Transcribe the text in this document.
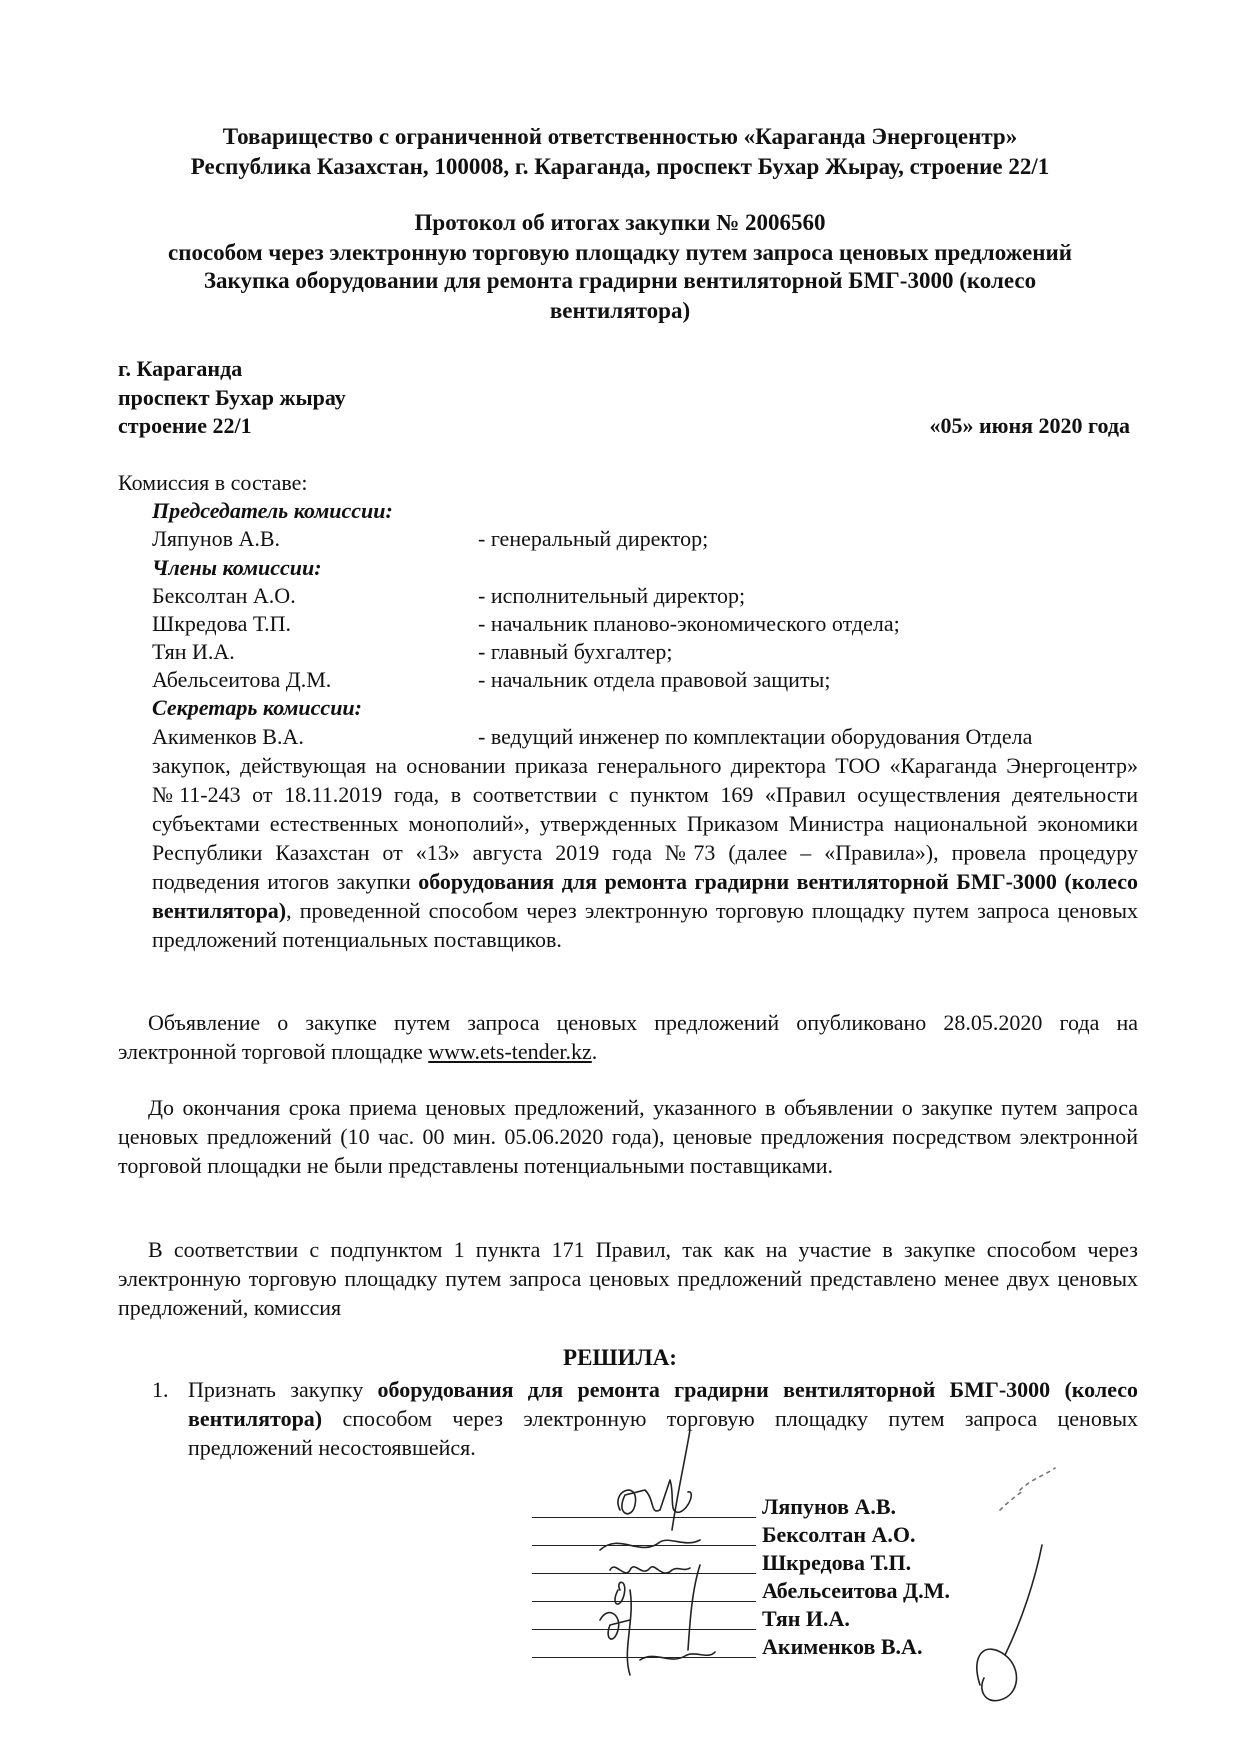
Товарищество с ограниченной ответственностью «Караганда Энергоцентр»
Республика Казахстан, 100008, г. Караганда, проспект Бухар Жырау, строение 22/1
Протокол об итогах закупки № 2006560
способом через электронную торговую площадку путем запроса ценовых предложений
Закупка оборудовании для ремонта градирни вентиляторной БМГ-3000 (колесо
вентилятора)
г. Караганда
проспект Бухар жырау
строение 22/1	«05» июня 2020 года
Комиссия в составе:
Председатель комиссии:
Ляпунов А.В.	- генеральный директор;
Члены комиссии:
Бексолтан А.О.	- исполнительный директор;
Шкредова Т.П.	- начальник планово-экономического отдела;
Тян И.А.	- главный бухгалтер;
Абельсеитова Д.М.	- начальник отдела правовой защиты;
Секретарь комиссии:
Акименков В.А.	- ведущий инженер по комплектации оборудования Отдела
закупок, действующая на основании приказа генерального директора ТОО «Караганда Энергоцентр» №11-243 от 18.11.2019 года, в соответствии с пунктом 169 «Правил осуществления деятельности субъектами естественных монополий», утвержденных Приказом Министра национальной экономики Республики Казахстан от «13» августа 2019 года №73 (далее – «Правила»), провела процедуру подведения итогов закупки оборудования для ремонта градирни вентиляторной БМГ-3000 (колесо вентилятора), проведенной способом через электронную торговую площадку путем запроса ценовых предложений потенциальных поставщиков.
Объявление о закупке путем запроса ценовых предложений опубликовано 28.05.2020 года на электронной торговой площадке www.ets-tender.kz.
До окончания срока приема ценовых предложений, указанного в объявлении о закупке путем запроса ценовых предложений (10 час. 00 мин. 05.06.2020 года), ценовые предложения посредством электронной торговой площадки не были представлены потенциальными поставщиками.
В соответствии с подпунктом 1 пункта 171 Правил, так как на участие в закупке способом через электронную торговую площадку путем запроса ценовых предложений представлено менее двух ценовых предложений, комиссия
РЕШИЛА:
1. Признать закупку оборудования для ремонта градирни вентиляторной БМГ-3000 (колесо вентилятора) способом через электронную торговую площадку путем запроса ценовых предложений несостоявшейся.
Ляпунов А.В.
Бексолтан А.О.
Шкредова Т.П.
Абельсеитова Д.М.
Тян И.А.
Акименков В.А.
